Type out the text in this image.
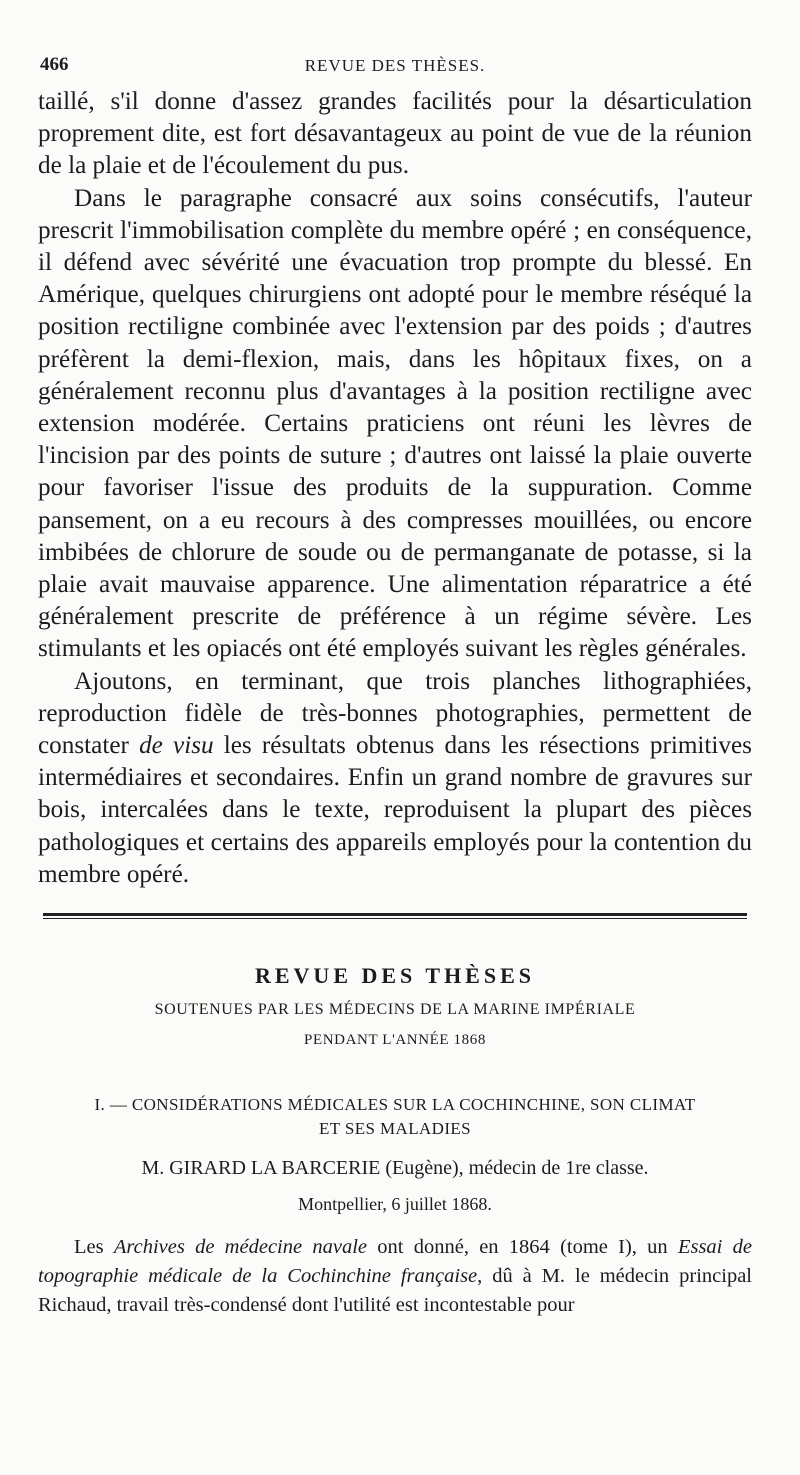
466	REVUE DES THÈSES.

taillé, s'il donne d'assez grandes facilités pour la désarticulation proprement dite, est fort désavantageux au point de vue de la réunion de la plaie et de l'écoulement du pus.

Dans le paragraphe consacré aux soins consécutifs, l'auteur prescrit l'immobilisation complète du membre opéré ; en conséquence, il défend avec sévérité une évacuation trop prompte du blessé. En Amérique, quelques chirurgiens ont adopté pour le membre réséqué la position rectiligne combinée avec l'extension par des poids ; d'autres préfèrent la demi-flexion, mais, dans les hôpitaux fixes, on a généralement reconnu plus d'avantages à la position rectiligne avec extension modérée. Certains praticiens ont réuni les lèvres de l'incision par des points de suture ; d'autres ont laissé la plaie ouverte pour favoriser l'issue des produits de la suppuration. Comme pansement, on a eu recours à des compresses mouillées, ou encore imbibées de chlorure de soude ou de permanganate de potasse, si la plaie avait mauvaise apparence. Une alimentation réparatrice a été généralement prescrite de préférence à un régime sévère. Les stimulants et les opiacés ont été employés suivant les règles générales.

Ajoutons, en terminant, que trois planches lithographiées, reproduction fidèle de très-bonnes photographies, permettent de constater de visu les résultats obtenus dans les résections primitives intermédiaires et secondaires. Enfin un grand nombre de gravures sur bois, intercalées dans le texte, reproduisent la plupart des pièces pathologiques et certains des appareils employés pour la contention du membre opéré.

REVUE DES THÈSES
SOUTENUES PAR LES MÉDECINS DE LA MARINE IMPÉRIALE
PENDANT L'ANNÉE 1868
I. — CONSIDÉRATIONS MÉDICALES SUR LA COCHINCHINE, SON CLIMAT
ET SES MALADIES
M. GIRARD LA BARCERIE (Eugène), médecin de 1re classe.
Montpellier, 6 juillet 1868.

Les Archives de médecine navale ont donné, en 1864 (tome I), un Essai de topographie médicale de la Cochinchine française, dû à M. le médecin principal Richaud, travail très-condensé dont l'utilité est incontestable pour
